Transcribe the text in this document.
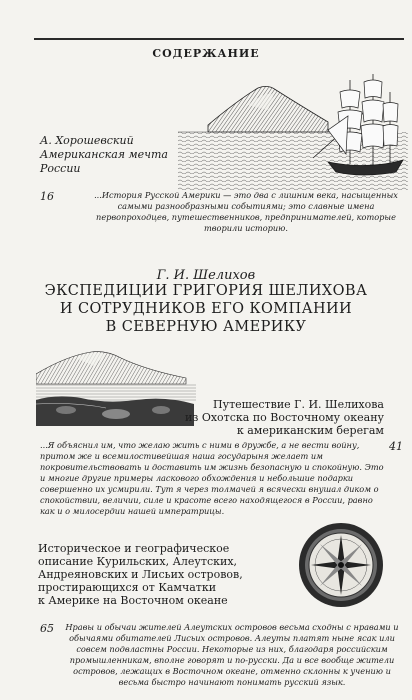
СОДЕРЖАНИЕ
А. Хорошевский
Американская мечта
России
16	...История Русской Америки — это два с лишним века, насыщенных самыми разнообразными событиями; это славные имена первопроходцев, путешественников, предпринимателей, которые творили историю.
Г. И. Шелихов
ЭКСПЕДИЦИИ ГРИГОРИЯ ШЕЛИХОВА
И СОТРУДНИКОВ ЕГО КОМПАНИИ
В СЕВЕРНУЮ АМЕРИКУ
Путешествие Г. И. Шелихова
из Охотска по Восточному океану
к американским берегам
41
...Я объяснил им, что желаю жить с ними в дружбе, а не вести войну, притом же и всемилостивейшая наша государыня желает им покровительствовать и доставить им жизнь безопасную и спокойную. Это и многие другие примеры ласкового обхождения и небольшие подарки совершенно их усмирили. Тут я через толмачей я всячески внушал диком о спокойствии, величии, силе и красоте всего находящегося в России, равно как и о милосердии нашей императрицы.
Историческое и географическое
описание Курильских, Алеутских,
Андреяновских и Лисьих островов,
простирающихся от Камчатки
к Америке на Восточном океане
65	Нравы и обычаи жителей Алеутских островов весьма сходны с нравами и обычаями обитателей Лисьих островов. Алеуты платят ныне ясак или совсем подвластны России. Некоторые из них, благодаря российским промышленникам, вполне говорят и по-русски. Да и все вообще жители островов, лежащих в Восточном океане, отменно склонны к учению и весьма быстро начинают понимать русский язык.
